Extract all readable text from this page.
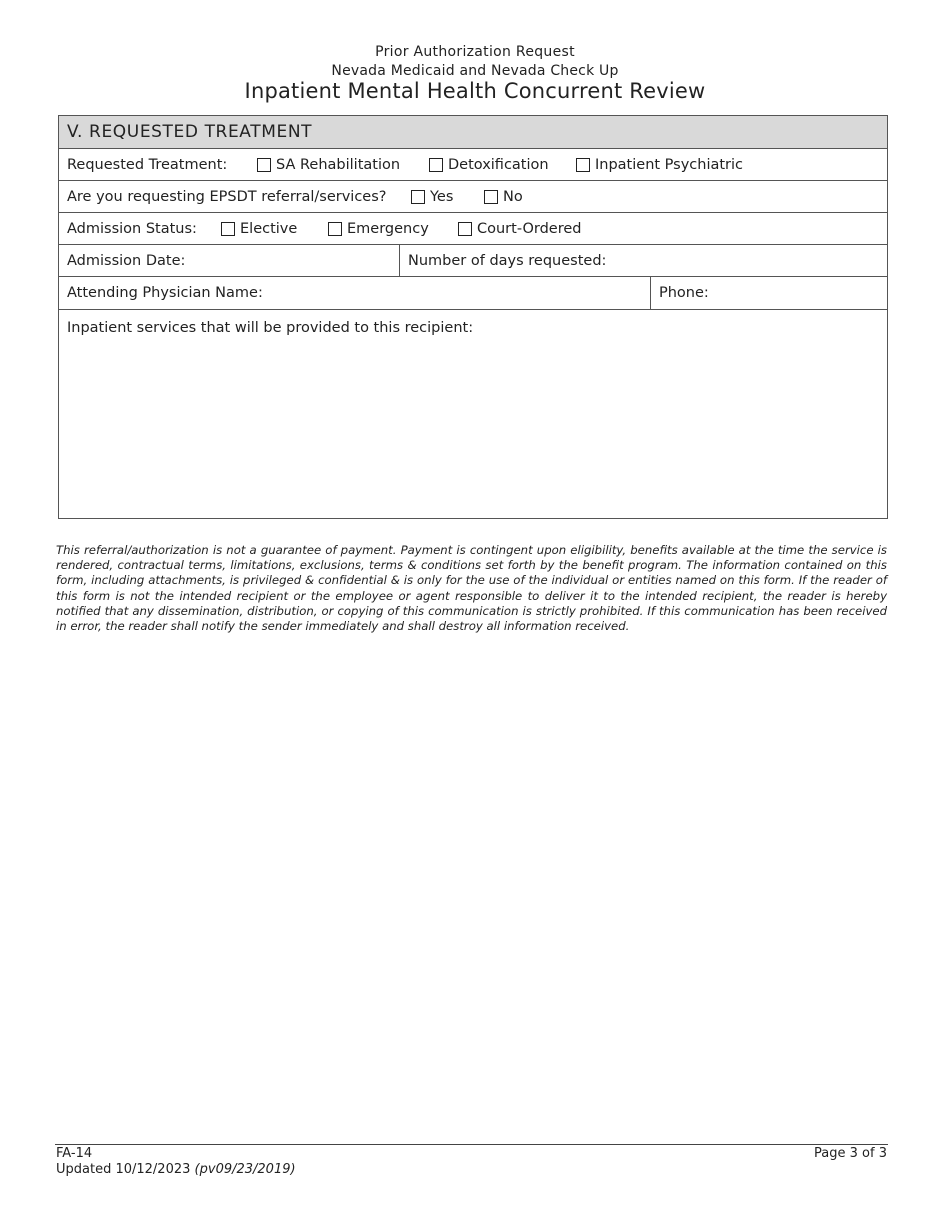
Prior Authorization Request
Nevada Medicaid and Nevada Check Up
Inpatient Mental Health Concurrent Review
V. REQUESTED TREATMENT
Requested Treatment:	SA Rehabilitation	Detoxification	Inpatient Psychiatric
Are you requesting EPSDT referral/services?	Yes	No
Admission Status:	Elective	Emergency	Court-Ordered
Admission Date:	Number of days requested:
Attending Physician Name:	Phone:
Inpatient services that will be provided to this recipient:
This referral/authorization is not a guarantee of payment. Payment is contingent upon eligibility, benefits available at the time the service is rendered, contractual terms, limitations, exclusions, terms & conditions set forth by the benefit program. The information contained on this form, including attachments, is privileged & confidential & is only for the use of the individual or entities named on this form. If the reader of this form is not the intended recipient or the employee or agent responsible to deliver it to the intended recipient, the reader is hereby notified that any dissemination, distribution, or copying of this communication is strictly prohibited. If this communication has been received in error, the reader shall notify the sender immediately and shall destroy all information received.
FA-14
Updated 10/12/2023 (pv09/23/2019)
Page 3 of 3
